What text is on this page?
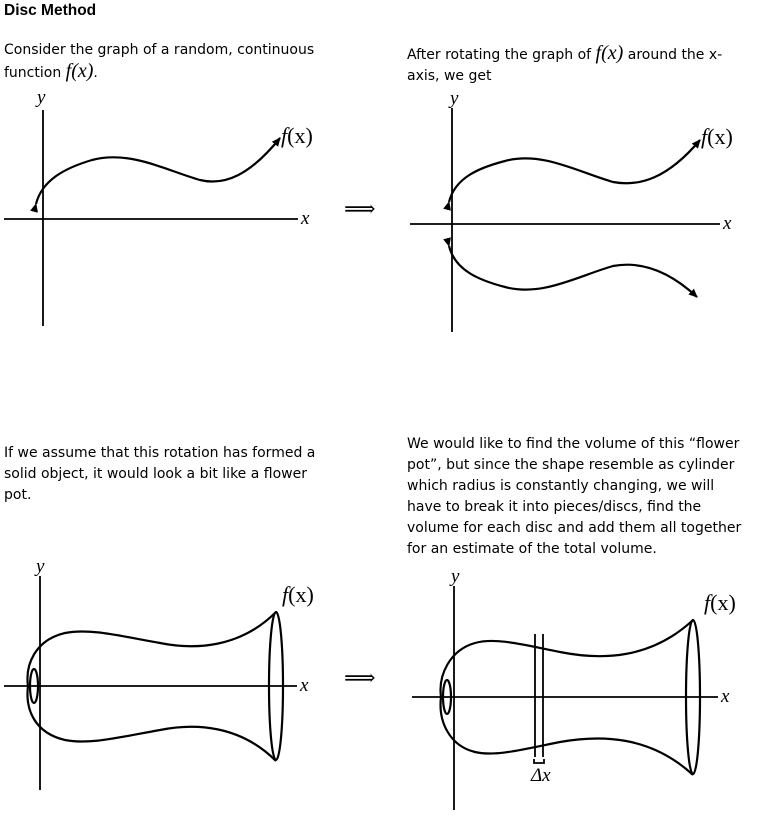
Disc Method
Consider the graph of a random, continuous function f(x).
After rotating the graph of f(x) around the x-axis, we get
If we assume that this rotation has formed a solid object, it would look a bit like a flower pot.
We would like to find the volume of this “flower pot”, but since the shape resemble as cylinder which radius is constantly changing, we will have to break it into pieces/discs, find the volume for each disc and add them all together for an estimate of the total volume.
y
x
f(x)
⟹
y
x
f(x)
y
x
f(x)
⟹
Δx
y
x
f(x)
